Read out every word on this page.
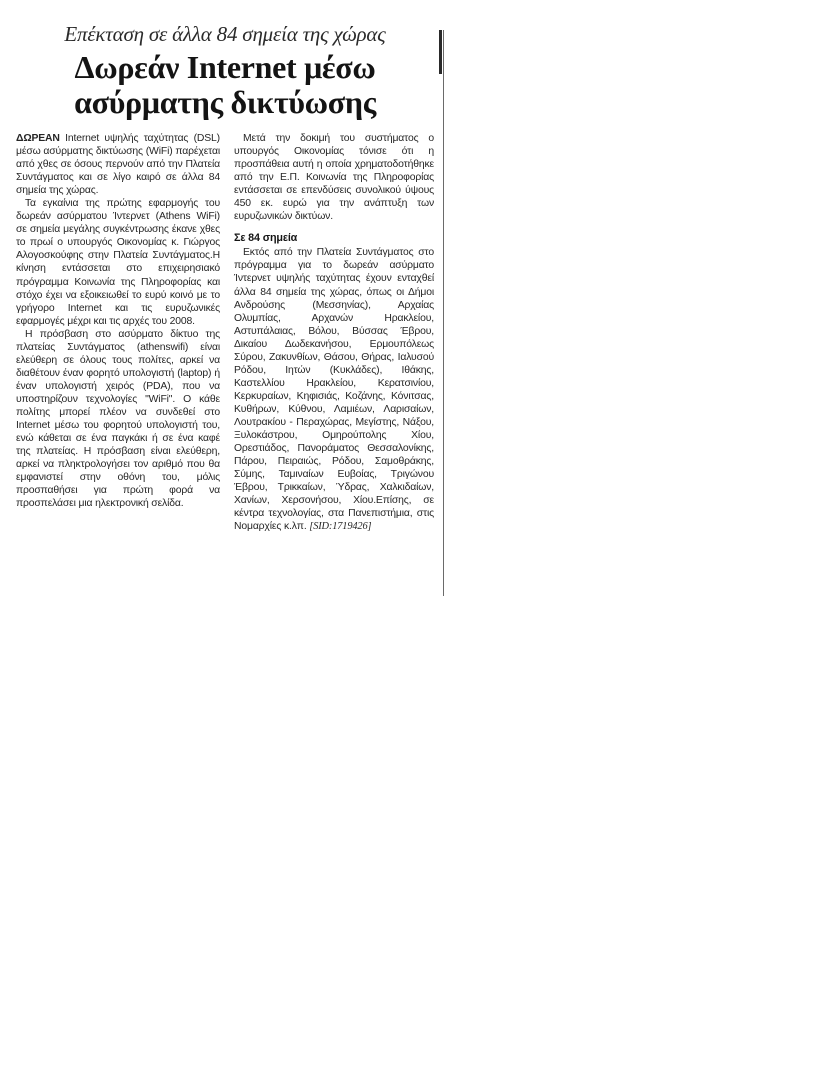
Επέκταση σε άλλα 84 σημεία της χώρας
Δωρεάν Internet μέσω
ασύρματης δικτύωσης

ΔΩΡΕΑΝ Internet υψηλής ταχύτητας (DSL) μέσω ασύρματης δικτύωσης (WiFi) παρέχεται από χθες σε όσους περνούν από την Πλατεία Συντάγματος και σε λίγο καιρό σε άλλα 84 σημεία της χώρας.

Τα εγκαίνια της πρώτης εφαρμογής του δωρεάν ασύρματου Ίντερνετ (Athens WiFi) σε σημεία μεγάλης συγκέντρωσης έκανε χθες το πρωί ο υπουργός Οικονομίας κ. Γιώργος Αλογοσκούφης στην Πλατεία Συντάγματος.Η κίνηση εντάσσεται στο επιχειρησιακό πρόγραμμα Κοινωνία της Πληροφορίας και στόχο έχει να εξοικειωθεί το ευρύ κοινό με το γρήγορο Internet και τις ευρυζωνικές εφαρμογές μέχρι και τις αρχές του 2008.

Η πρόσβαση στο ασύρματο δίκτυο της πλατείας Συντάγματος (athenswifi) είναι ελεύθερη σε όλους τους πολίτες, αρκεί να διαθέτουν έναν φορητό υπολογιστή (laptop) ή έναν υπολογιστή χειρός (PDA), που να υποστηρίζουν τεχνολογίες "WiFi". Ο κάθε πολίτης μπορεί πλέον να συνδεθεί στο Internet μέσω του φορητού υπολογιστή του, ενώ κάθεται σε ένα παγκάκι ή σε ένα καφέ της πλατείας. Η πρόσβαση είναι ελεύθερη, αρκεί να πληκτρολογήσει τον αριθμό που θα εμφανιστεί στην οθόνη του, μόλις προσπαθήσει για πρώτη φορά να προσπελάσει μια ηλεκτρονική σελίδα.

Μετά την δοκιμή του συστήματος ο υπουργός Οικονομίας τόνισε ότι η προσπάθεια αυτή η οποία χρηματοδοτήθηκε από την Ε.Π. Κοινωνία της Πληροφορίας εντάσσεται σε επενδύσεις συνολικού ύψους 450 εκ. ευρώ για την ανάπτυξη των ευρυζωνικών δικτύων.

Σε 84 σημεία

Εκτός από την Πλατεία Συντάγματος στο πρόγραμμα για το δωρεάν ασύρματο Ίντερνετ υψηλής ταχύτητας έχουν ενταχθεί άλλα 84 σημεία της χώρας, όπως οι Δήμοι Ανδρούσης (Μεσσηνίας), Αρχαίας Ολυμπίας, Αρχανών Ηρακλείου, Αστυπάλαιας, Βόλου, Βύσσας Έβρου, Δικαίου Δωδεκανήσου, Ερμουπόλεως Σύρου, Ζακυνθίων, Θάσου, Θήρας, Ιαλυσού Ρόδου, Ιητών (Κυκλάδες), Ιθάκης, Καστελλίου Ηρακλείου, Κερατσινίου, Κερκυραίων, Κηφισιάς, Κοζάνης, Κόνιτσας, Κυθήρων, Κύθνου, Λαμιέων, Λαρισαίων, Λουτρακίου - Περαχώρας, Μεγίστης, Νάξου, Ξυλοκάστρου, Ομηρούπολης Χίου, Ορεστιάδος, Πανοράματος Θεσσαλονίκης, Πάρου, Πειραιώς, Ρόδου, Σαμοθράκης, Σύμης, Ταμιναίων Ευβοίας, Τριγώνου Έβρου, Τρικκαίων, Ύδρας, Χαλκιδαίων, Χανίων, Χερσονήσου, Χίου.Επίσης, σε κέντρα τεχνολογίας, στα Πανεπιστήμια, στις Νομαρχίες κ.λπ. [SID:1719426]
